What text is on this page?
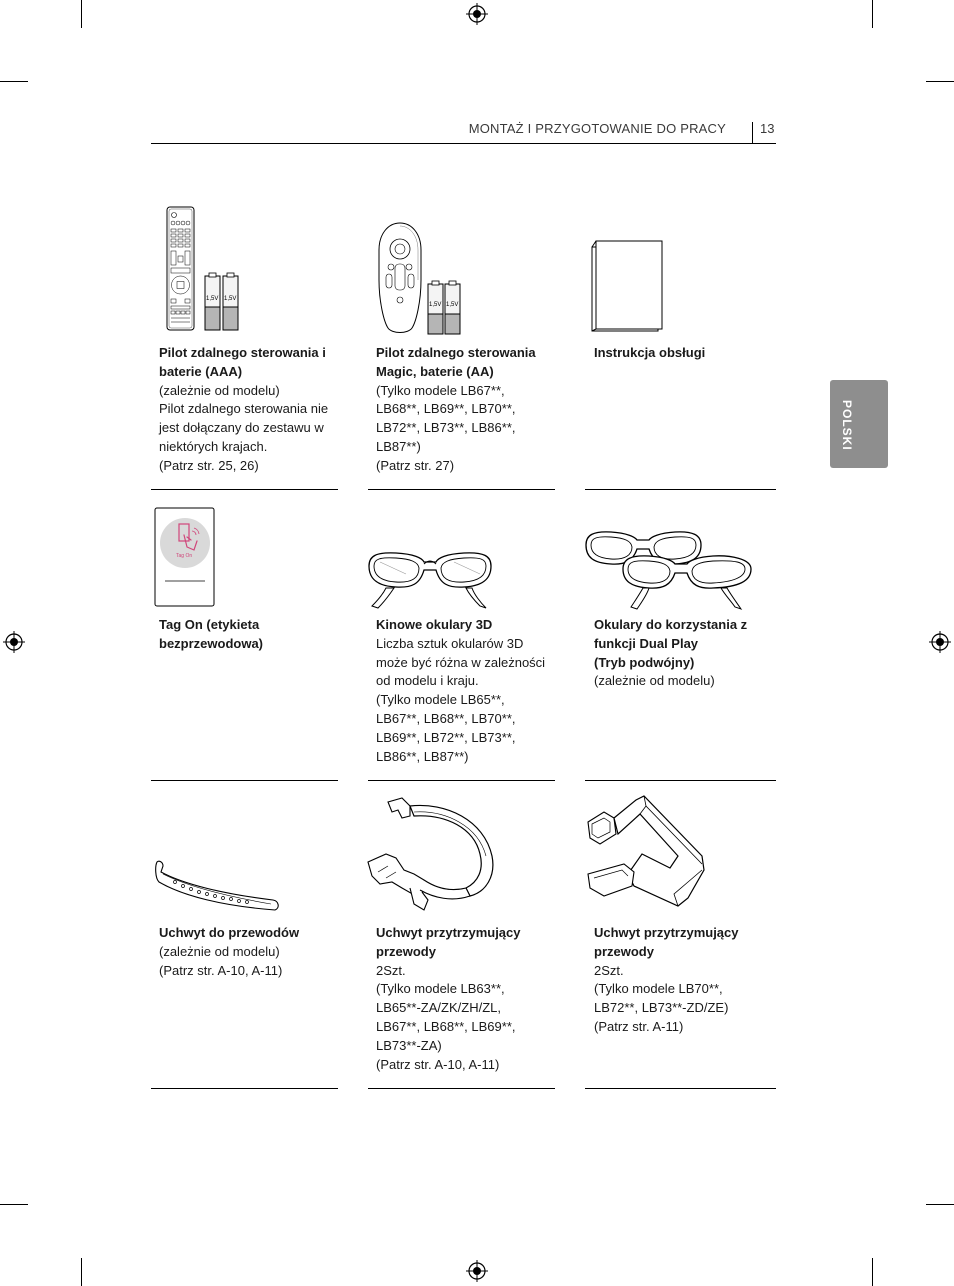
MONTAŻ I PRZYGOTOWANIE DO PRACY	13
POLSKI
1,5V 1,5V
1,5V 1,5V
Pilot zdalnego sterowania i
baterie (AAA)
(zależnie od modelu)
Pilot zdalnego sterowania nie
jest dołączany do zestawu w
niektórych krajach.
(Patrz str. 25, 26)
Pilot zdalnego sterowania
Magic, baterie (AA)
(Tylko modele LB67**,
LB68**, LB69**, LB70**,
LB72**, LB73**, LB86**,
LB87**)
(Patrz str. 27)
Instrukcja obsługi
Tag On
Tag On (etykieta
bezprzewodowa)
Kinowe okulary 3D
Liczba sztuk okularów 3D
może być różna w zależności
od modelu i kraju.
(Tylko modele LB65**,
LB67**, LB68**, LB70**,
LB69**, LB72**, LB73**,
LB86**, LB87**)
Okulary do korzystania z
funkcji Dual Play
(Tryb podwójny)
(zależnie od modelu)
Uchwyt do przewodów
(zależnie od modelu)
(Patrz str. A-10, A-11)
Uchwyt przytrzymujący
przewody
2Szt.
(Tylko modele LB63**,
LB65**-ZA/ZK/ZH/ZL,
LB67**, LB68**, LB69**,
LB73**-ZA)
(Patrz str. A-10, A-11)
Uchwyt przytrzymujący
przewody
2Szt.
(Tylko modele LB70**,
LB72**, LB73**-ZD/ZE)
(Patrz str. A-11)
